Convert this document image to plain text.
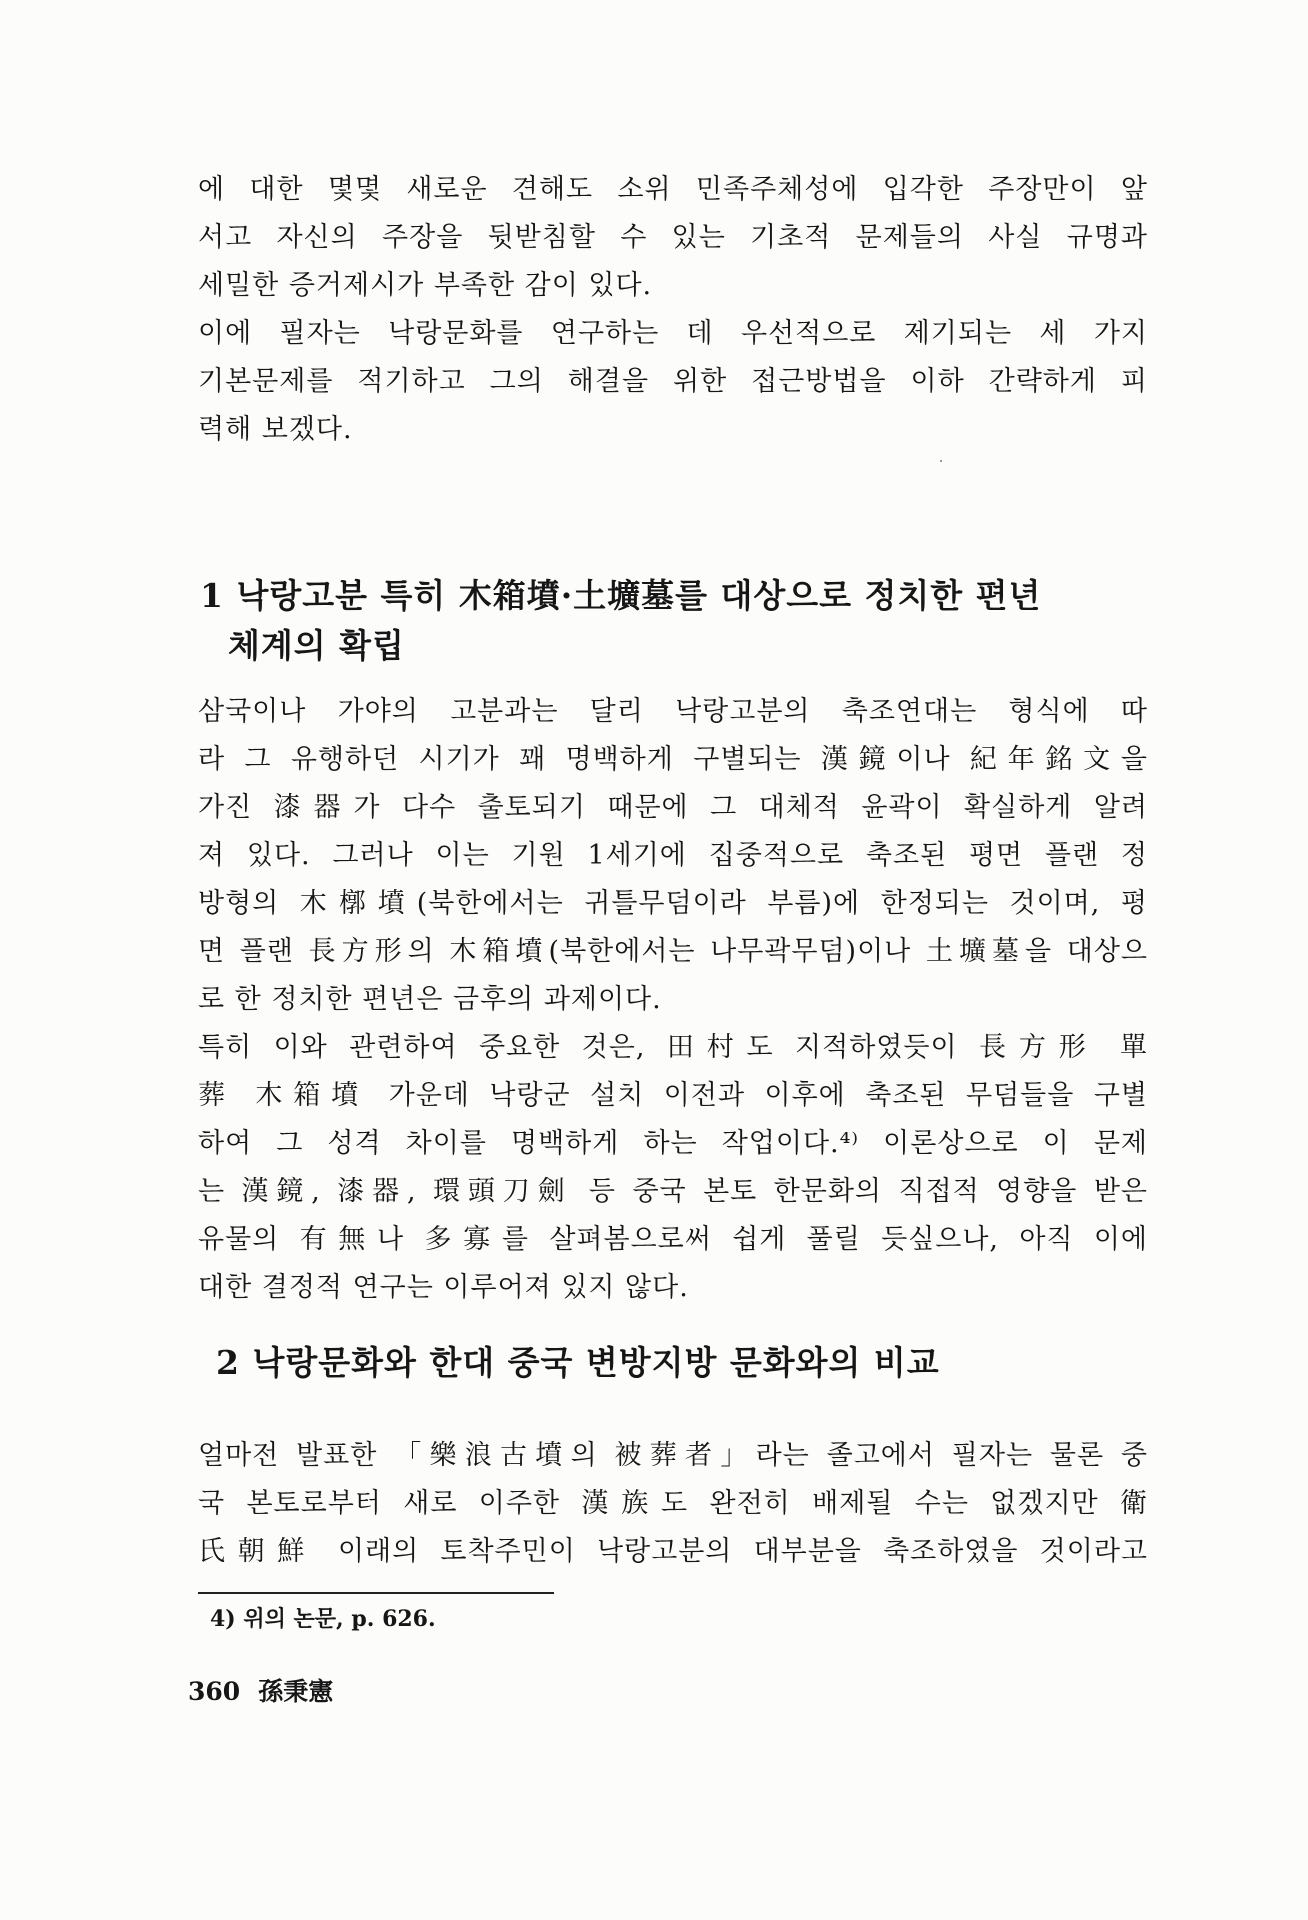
에 대한 몇몇 새로운 견해도 소위 민족주체성에 입각한 주장만이 앞
서고 자신의 주장을 뒷받침할 수 있는 기초적 문제들의 사실 규명과
세밀한 증거제시가 부족한 감이 있다.
이에 필자는 낙랑문화를 연구하는 데 우선적으로 제기되는 세 가지
기본문제를 적기하고 그의 해결을 위한 접근방법을 이하 간략하게 피
력해 보겠다.
1 낙랑고분 특히 木箱墳·土壙墓를 대상으로 정치한 편년
체계의 확립
삼국이나 가야의 고분과는 달리 낙랑고분의 축조연대는 형식에 따
라 그 유행하던 시기가 꽤 명백하게 구별되는 漢鏡이나 紀年銘文을
가진 漆器가 다수 출토되기 때문에 그 대체적 윤곽이 확실하게 알려
져 있다. 그러나 이는 기원 1세기에 집중적으로 축조된 평면 플랜 정
방형의 木槨墳(북한에서는 귀틀무덤이라 부름)에 한정되는 것이며, 평
면 플랜 長方形의 木箱墳(북한에서는 나무곽무덤)이나 土壙墓을 대상으
로 한 정치한 편년은 금후의 과제이다.
특히 이와 관련하여 중요한 것은, 田村도 지적하였듯이 長方形 單
葬 木箱墳 가운데 낙랑군 설치 이전과 이후에 축조된 무덤들을 구별
하여 그 성격 차이를 명백하게 하는 작업이다.⁴⁾ 이론상으로 이 문제
는 漢鏡, 漆器, 環頭刀劍 등 중국 본토 한문화의 직접적 영향을 받은
유물의 有無나 多寡를 살펴봄으로써 쉽게 풀릴 듯싶으나, 아직 이에
대한 결정적 연구는 이루어져 있지 않다.
2 낙랑문화와 한대 중국 변방지방 문화와의 비교
얼마전 발표한 「樂浪古墳의 被葬者」라는 졸고에서 필자는 물론 중
국 본토로부터 새로 이주한 漢族도 완전히 배제될 수는 없겠지만 衛
氏朝鮮 이래의 토착주민이 낙랑고분의 대부분을 축조하였을 것이라고
4) 위의 논문, p. 626.
360 孫秉憲
